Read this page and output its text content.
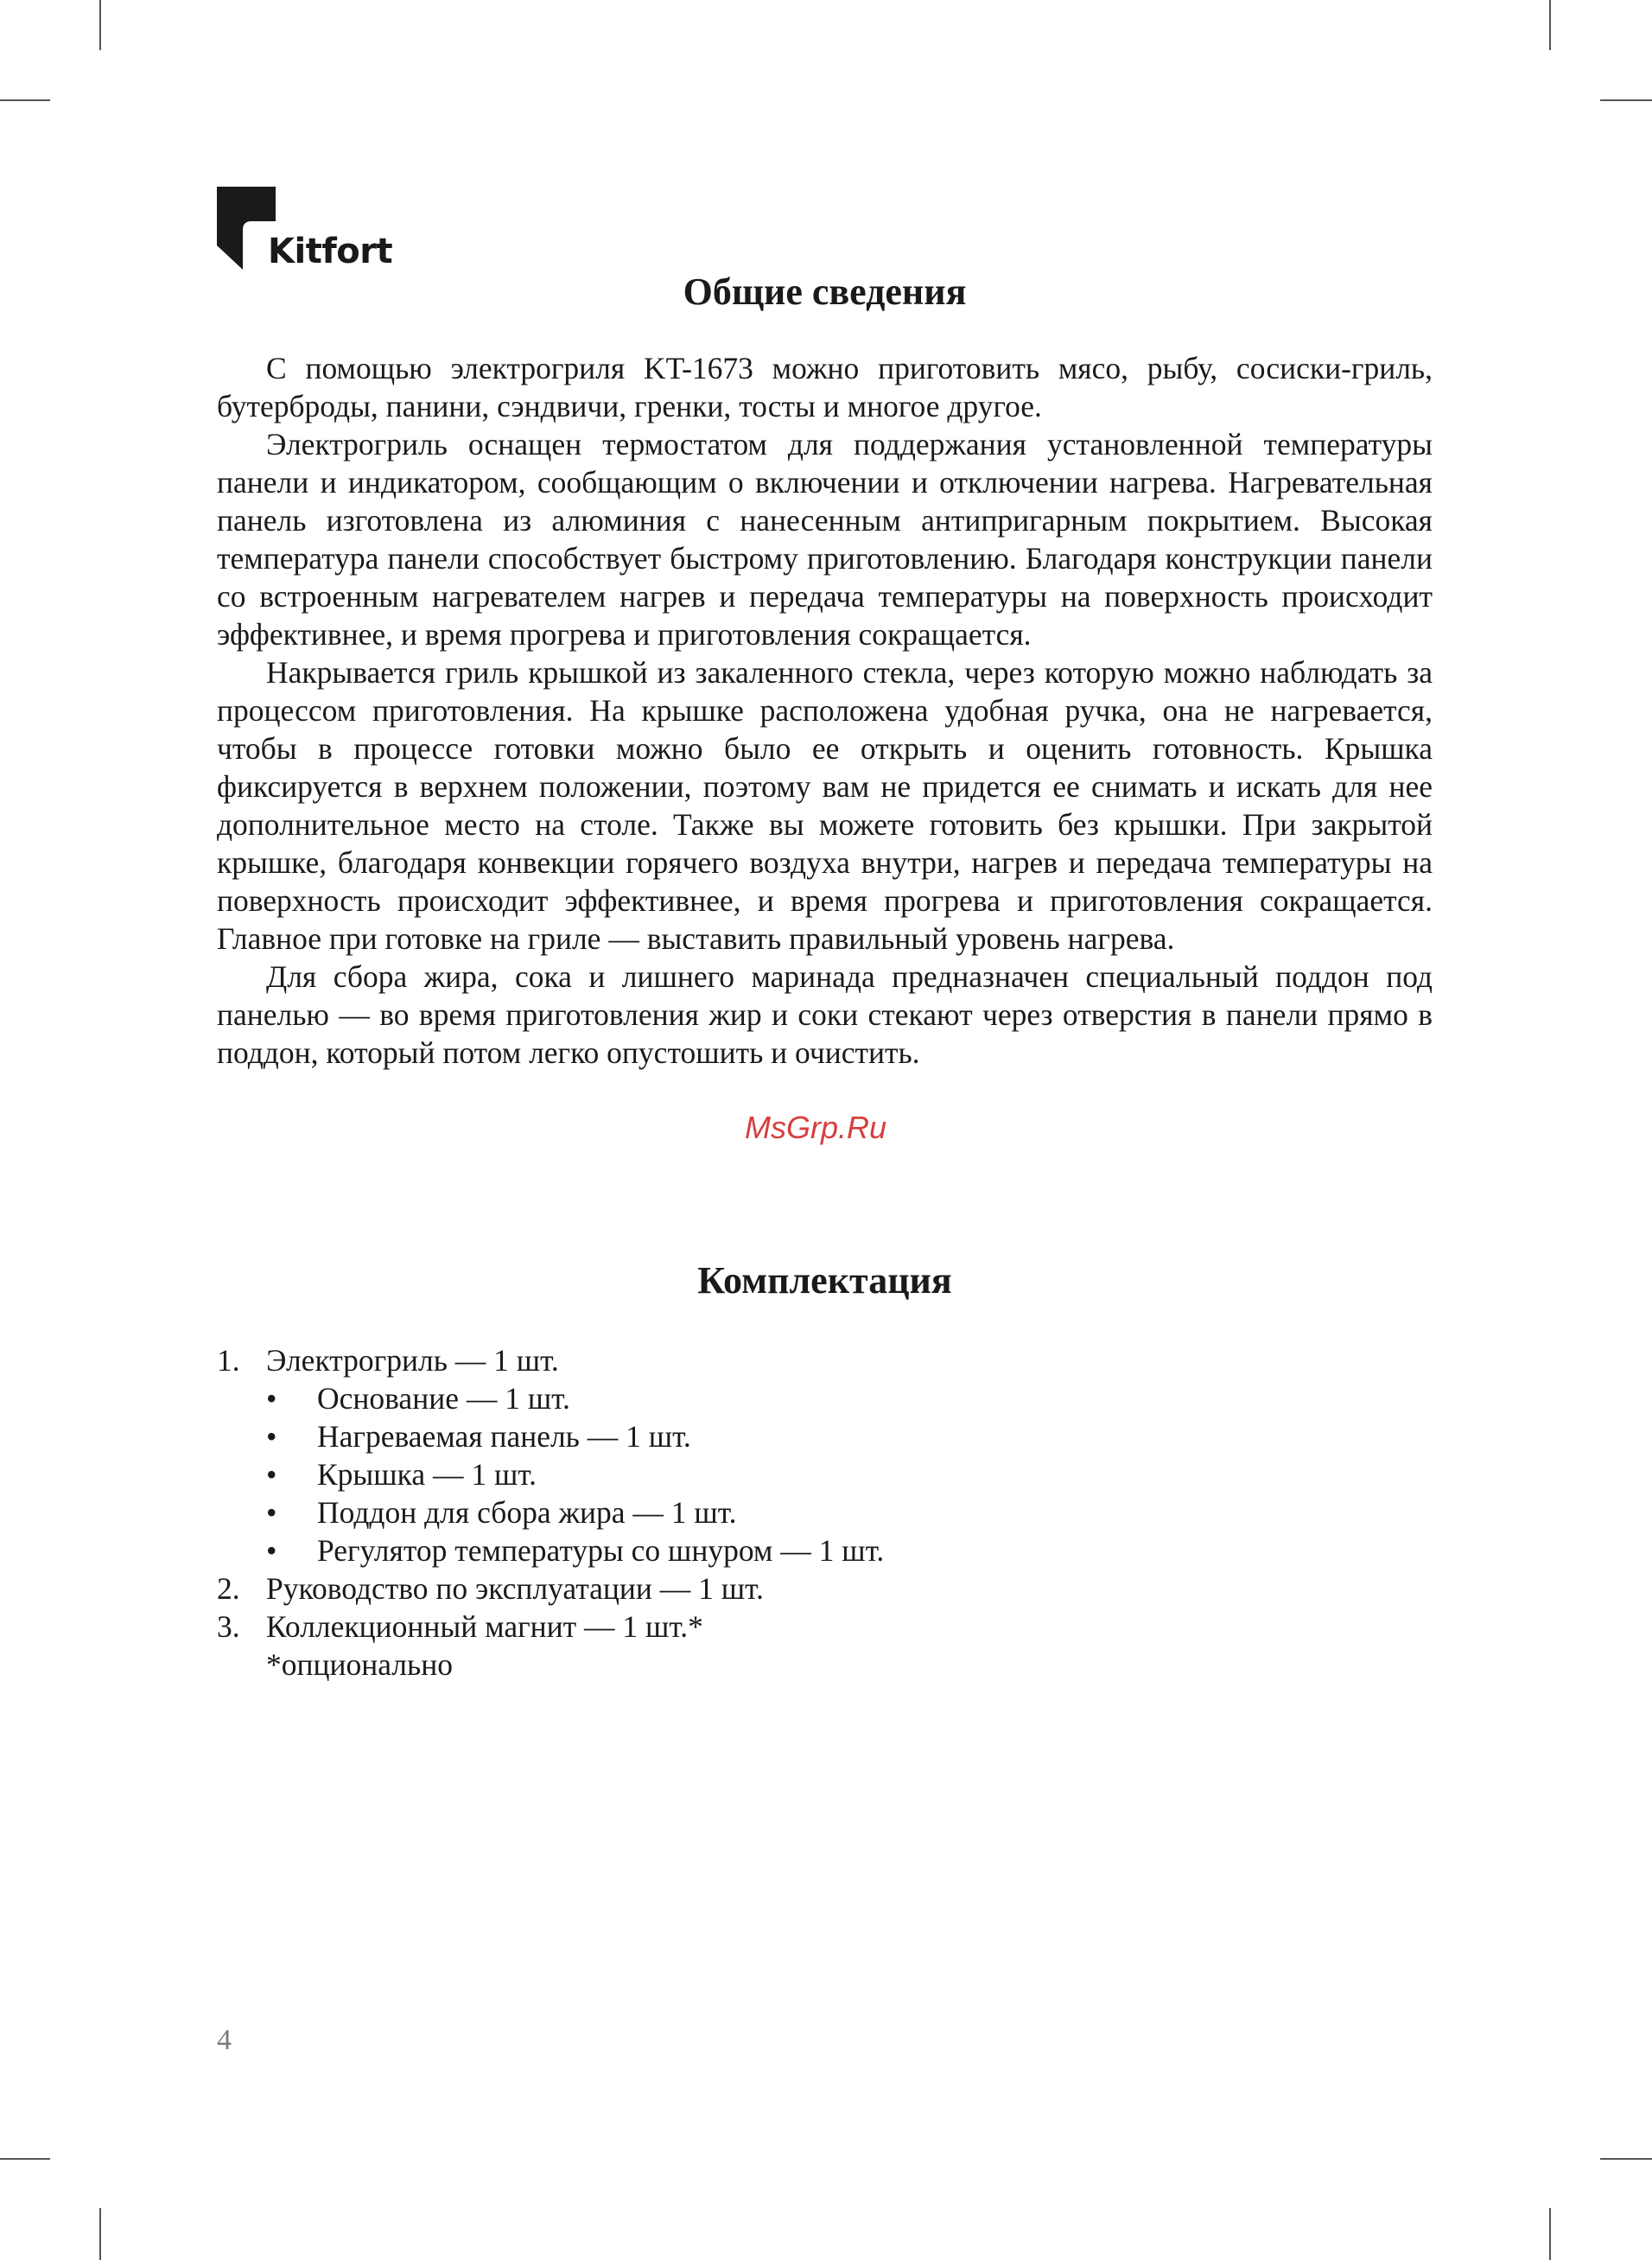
Kitfort
Общие сведения

С помощью электрогриля KT-1673 можно приготовить мясо, рыбу, сосиски-гриль, бутерброды, панини, сэндвичи, гренки, тосты и многое другое.

Электрогриль оснащен термостатом для поддержания установленной температуры панели и индикатором, сообщающим о включении и отключении нагрева. Нагревательная панель изготовлена из алюминия с нанесенным антипригарным покрытием. Высокая температура панели способствует быстрому приготовлению. Благодаря конструкции панели со встроенным нагревателем нагрев и передача температуры на поверхность происходит эффективнее, и время прогрева и приготовления сокращается.

Накрывается гриль крышкой из закаленного стекла, через которую можно наблюдать за процессом приготовления. На крышке расположена удобная ручка, она не нагревается, чтобы в процессе готовки можно было ее открыть и оценить готовность. Крышка фиксируется в верхнем положении, поэтому вам не придется ее снимать и искать для нее дополнительное место на столе. Также вы можете готовить без крышки. При закрытой крышке, благодаря конвекции горячего воздуха внутри, нагрев и передача температуры на поверхность происходит эффективнее, и время прогрева и приготовления сокращается. Главное при готовке на гриле — выставить правильный уровень нагрева.

Для сбора жира, сока и лишнего маринада предназначен специальный поддон под панелью — во время приготовления жир и соки стекают через отверстия в панели прямо в поддон, который потом легко опустошить и очистить.

MsGrp.Ru
Комплектация
1. Электрогриль — 1 шт.
• Основание — 1 шт.
• Нагреваемая панель — 1 шт.
• Крышка — 1 шт.
• Поддон для сбора жира — 1 шт.
• Регулятор температуры со шнуром — 1 шт.
2. Руководство по эксплуатации — 1 шт.
3. Коллекционный магнит — 1 шт.*
*опционально
4
